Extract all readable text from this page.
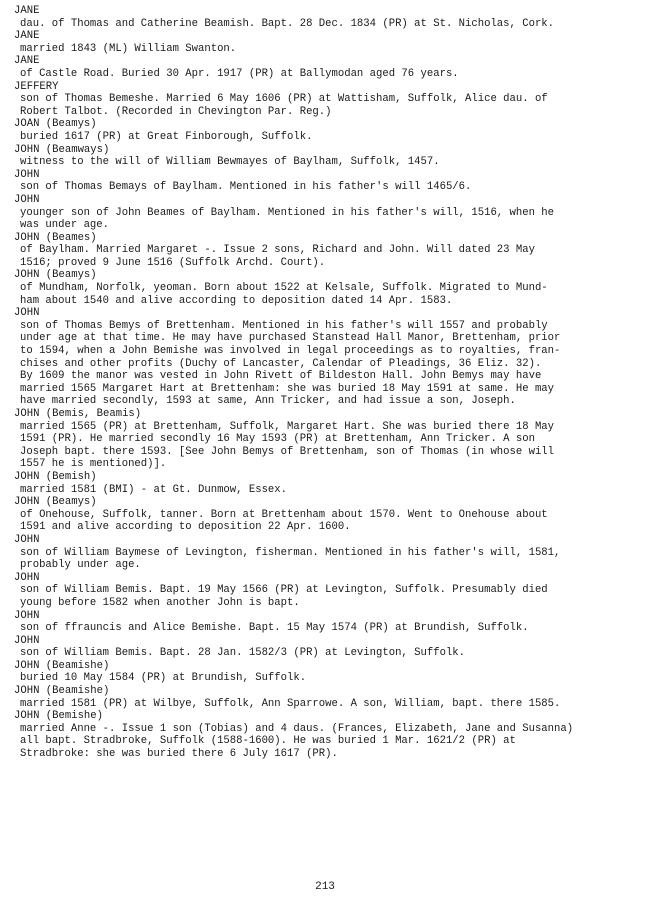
JANE
dau. of Thomas and Catherine Beamish. Bapt. 28 Dec. 1834 (PR) at St. Nicholas, Cork.
JANE
married 1843 (ML) William Swanton.
JANE
of Castle Road. Buried 30 Apr. 1917 (PR) at Ballymodan aged 76 years.
JEFFERY
son of Thomas Bemeshe. Married 6 May 1606 (PR) at Wattisham, Suffolk, Alice dau. of
Robert Talbot. (Recorded in Chevington Par. Reg.)
JOAN (Beamys)
buried 1617 (PR) at Great Finborough, Suffolk.
JOHN (Beamways)
witness to the will of William Bewmayes of Baylham, Suffolk, 1457.
JOHN
son of Thomas Bemays of Baylham. Mentioned in his father's will 1465/6.
JOHN
younger son of John Beames of Baylham. Mentioned in his father's will, 1516, when he
was under age.
JOHN (Beames)
of Baylham. Married Margaret -. Issue 2 sons, Richard and John. Will dated 23 May
1516; proved 9 June 1516 (Suffolk Archd. Court).
JOHN (Beamys)
of Mundham, Norfolk, yeoman. Born about 1522 at Kelsale, Suffolk. Migrated to Mund-
ham about 1540 and alive according to deposition dated 14 Apr. 1583.
JOHN
son of Thomas Bemys of Brettenham. Mentioned in his father's will 1557 and probably
under age at that time. He may have purchased Stanstead Hall Manor, Brettenham, prior
to 1594, when a John Bemishe was involved in legal proceedings as to royalties, fran-
chises and other profits (Duchy of Lancaster, Calendar of Pleadings, 36 Eliz. 32).
By 1609 the manor was vested in John Rivett of Bildeston Hall. John Bemys may have
married 1565 Margaret Hart at Brettenham: she was buried 18 May 1591 at same. He may
have married secondly, 1593 at same, Ann Tricker, and had issue a son, Joseph.
JOHN (Bemis, Beamis)
married 1565 (PR) at Brettenham, Suffolk, Margaret Hart. She was buried there 18 May
1591 (PR). He married secondly 16 May 1593 (PR) at Brettenham, Ann Tricker. A son
Joseph bapt. there 1593. [See John Bemys of Brettenham, son of Thomas (in whose will
1557 he is mentioned)].
JOHN (Bemish)
married 1581 (BMI) - at Gt. Dunmow, Essex.
JOHN (Beamys)
of Onehouse, Suffolk, tanner. Born at Brettenham about 1570. Went to Onehouse about
1591 and alive according to deposition 22 Apr. 1600.
JOHN
son of William Baymese of Levington, fisherman. Mentioned in his father's will, 1581,
probably under age.
JOHN
son of William Bemis. Bapt. 19 May 1566 (PR) at Levington, Suffolk. Presumably died
young before 1582 when another John is bapt.
JOHN
son of ffrauncis and Alice Bemishe. Bapt. 15 May 1574 (PR) at Brundish, Suffolk.
JOHN
son of William Bemis. Bapt. 28 Jan. 1582/3 (PR) at Levington, Suffolk.
JOHN (Beamishe)
buried 10 May 1584 (PR) at Brundish, Suffolk.
JOHN (Beamishe)
married 1581 (PR) at Wilbye, Suffolk, Ann Sparrowe. A son, William, bapt. there 1585.
JOHN (Bemishe)
married Anne -. Issue 1 son (Tobias) and 4 daus. (Frances, Elizabeth, Jane and Susanna)
all bapt. Stradbroke, Suffolk (1588-1600). He was buried 1 Mar. 1621/2 (PR) at
Stradbroke: she was buried there 6 July 1617 (PR).
213
